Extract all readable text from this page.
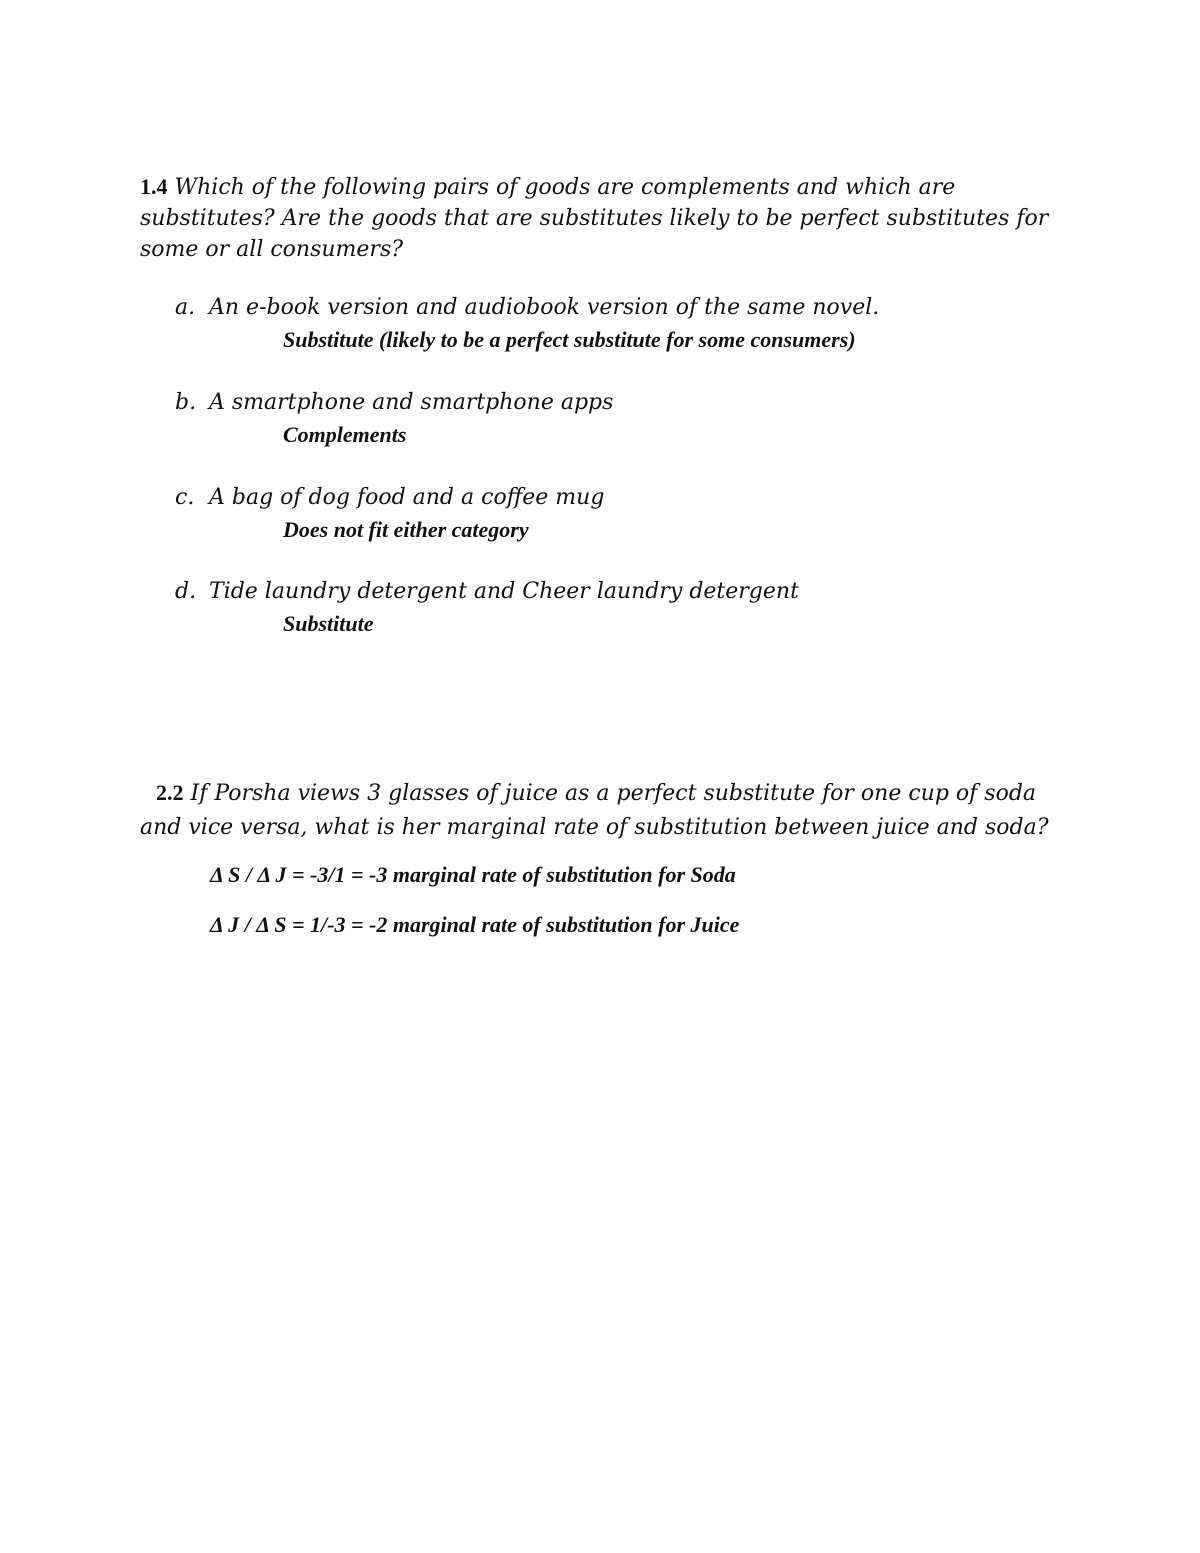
1.4 Which of the following pairs of goods are complements and which are substitutes? Are the goods that are substitutes likely to be perfect substitutes for some or all consumers?
a. An e-book version and audiobook version of the same novel.
Substitute (likely to be a perfect substitute for some consumers)
b. A smartphone and smartphone apps
Complements
c. A bag of dog food and a coffee mug
Does not fit either category
d. Tide laundry detergent and Cheer laundry detergent
Substitute
2.2 If Porsha views 3 glasses of juice as a perfect substitute for one cup of soda and vice versa, what is her marginal rate of substitution between juice and soda?
Δ S / Δ J = -3/1 = -3 marginal rate of substitution for Soda
Δ J / Δ S = 1/-3 = -2 marginal rate of substitution for Juice
